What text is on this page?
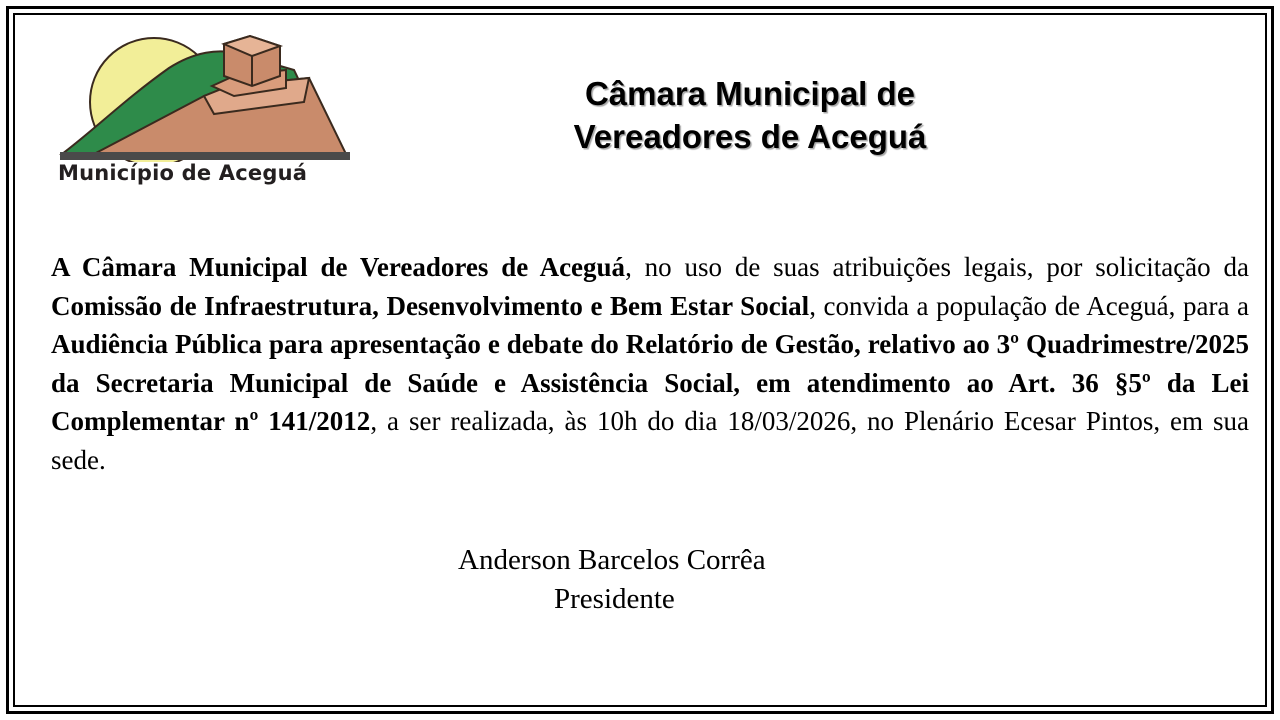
Município de Aceguá
Câmara Municipal de
Vereadores de Aceguá
A Câmara Municipal de Vereadores de Aceguá, no uso de suas atribuições legais, por solicitação da Comissão de Infraestrutura, Desenvolvimento e Bem Estar Social, convida a população de Aceguá, para a Audiência Pública para apresentação e debate do Relatório de Gestão, relativo ao 3º Quadrimestre/2025 da Secretaria Municipal de Saúde e Assistência Social, em atendimento ao Art. 36 §5º da Lei Complementar nº 141/2012, a ser realizada, às 10h do dia 18/03/2026, no Plenário Ecesar Pintos, em sua sede.
Anderson Barcelos Corrêa
Presidente
